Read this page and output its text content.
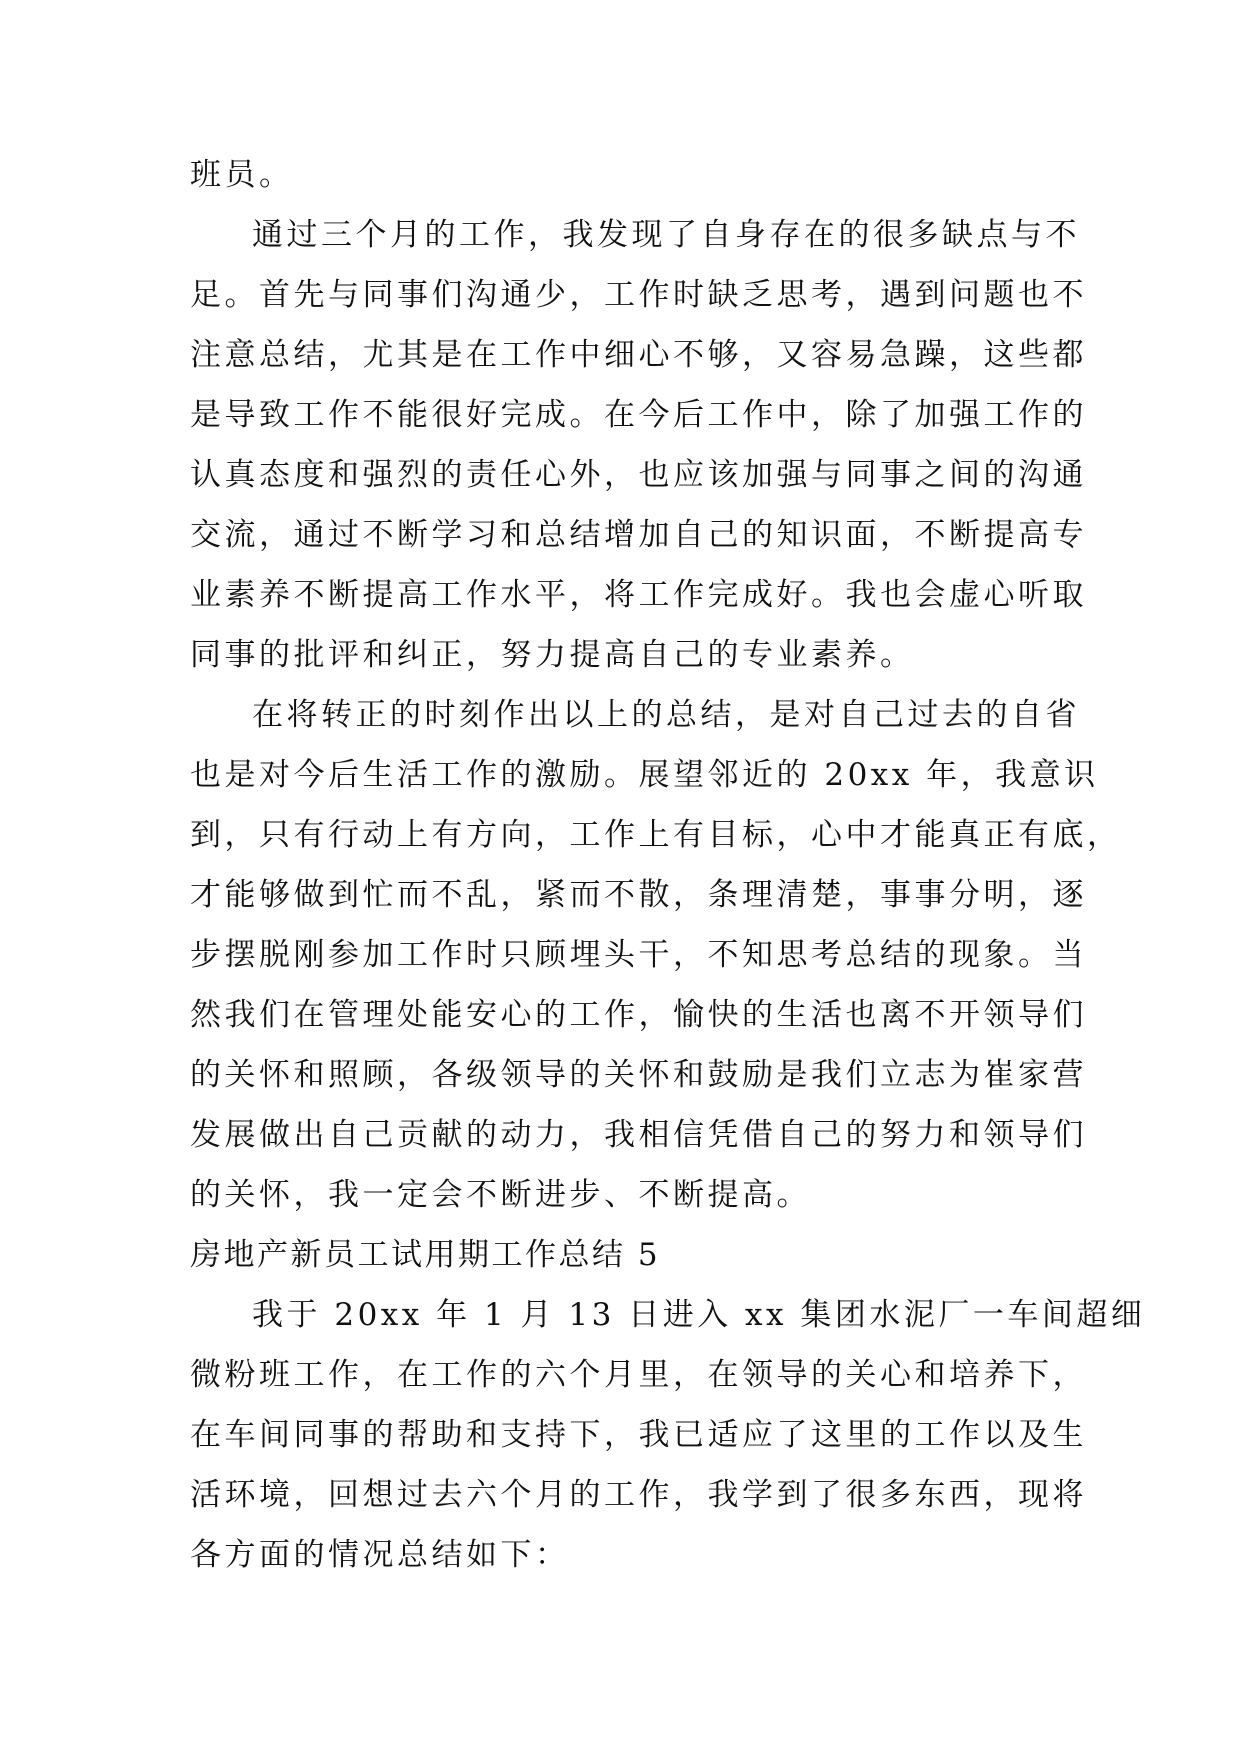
班员。
通过三个月的工作，我发现了自身存在的很多缺点与不
足。首先与同事们沟通少，工作时缺乏思考，遇到问题也不
注意总结，尤其是在工作中细心不够，又容易急躁，这些都
是导致工作不能很好完成。在今后工作中，除了加强工作的
认真态度和强烈的责任心外，也应该加强与同事之间的沟通
交流，通过不断学习和总结增加自己的知识面，不断提高专
业素养不断提高工作水平，将工作完成好。我也会虚心听取
同事的批评和纠正，努力提高自己的专业素养。
在将转正的时刻作出以上的总结，是对自己过去的自省
也是对今后生活工作的激励。展望邻近的 20xx 年，我意识
到，只有行动上有方向，工作上有目标，心中才能真正有底，
才能够做到忙而不乱，紧而不散，条理清楚，事事分明，逐
步摆脱刚参加工作时只顾埋头干，不知思考总结的现象。当
然我们在管理处能安心的工作，愉快的生活也离不开领导们
的关怀和照顾，各级领导的关怀和鼓励是我们立志为崔家营
发展做出自己贡献的动力，我相信凭借自己的努力和领导们
的关怀，我一定会不断进步、不断提高。
房地产新员工试用期工作总结 5
我于 20xx 年 1 月 13 日进入 xx 集团水泥厂一车间超细
微粉班工作，在工作的六个月里，在领导的关心和培养下，
在车间同事的帮助和支持下，我已适应了这里的工作以及生
活环境，回想过去六个月的工作，我学到了很多东西，现将
各方面的情况总结如下：
